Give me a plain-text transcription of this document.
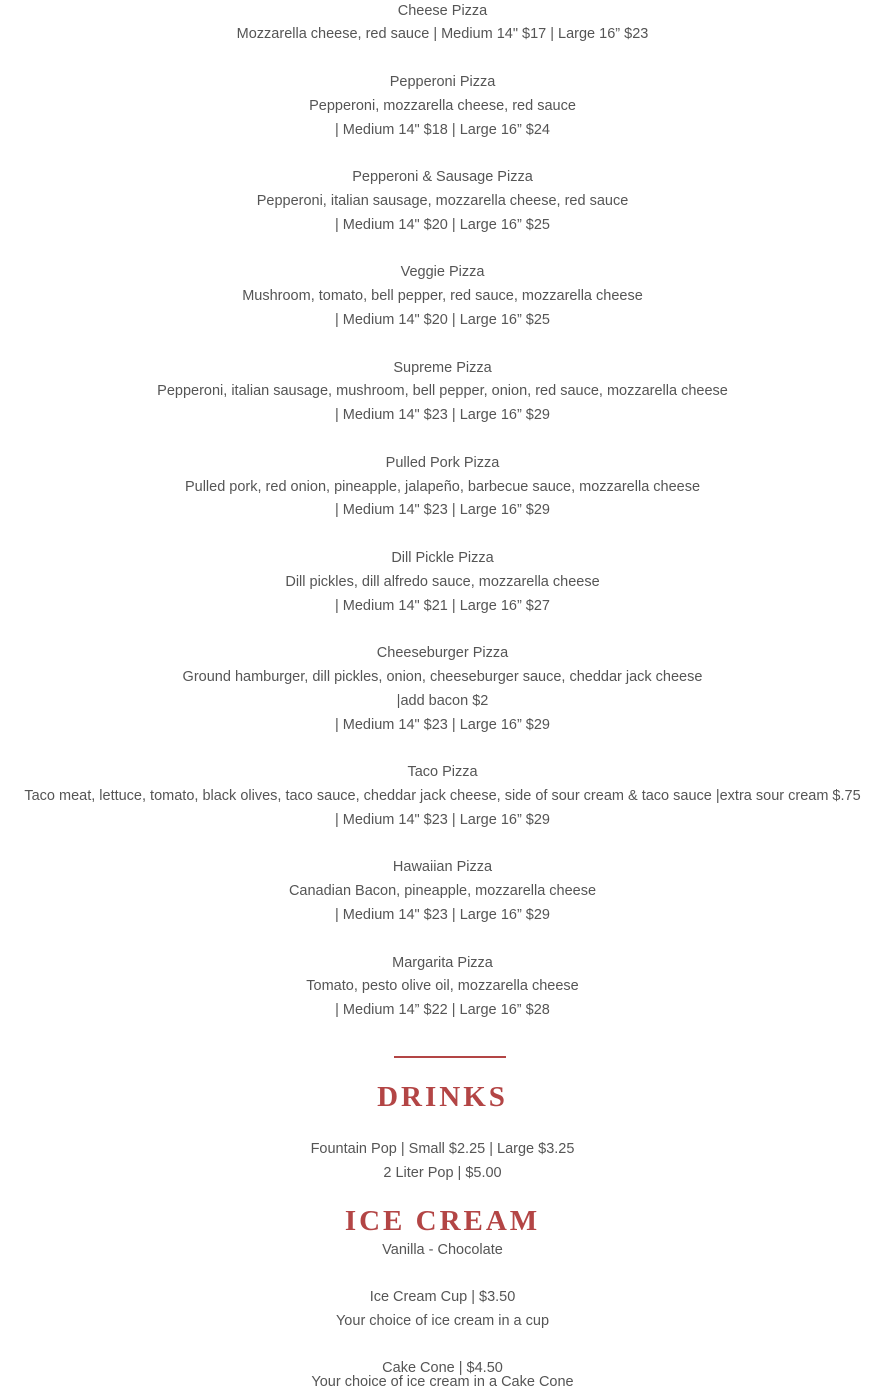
Cheese Pizza
Mozzarella cheese, red sauce | Medium 14" $17 | Large 16” $23
Pepperoni Pizza
Pepperoni, mozzarella cheese, red sauce
| Medium 14" $18 | Large 16” $24
Pepperoni & Sausage Pizza
Pepperoni, italian sausage, mozzarella cheese, red sauce
| Medium 14" $20 | Large 16” $25
Veggie Pizza
Mushroom, tomato, bell pepper, red sauce, mozzarella cheese
| Medium 14" $20 | Large 16” $25
Supreme Pizza
Pepperoni, italian sausage, mushroom, bell pepper, onion, red sauce, mozzarella cheese
| Medium 14" $23 | Large 16” $29
Pulled Pork Pizza
Pulled pork, red onion, pineapple, jalapeño, barbecue sauce, mozzarella cheese
| Medium 14" $23 | Large 16” $29
Dill Pickle Pizza
Dill pickles, dill alfredo sauce, mozzarella cheese
| Medium 14" $21 | Large 16” $27
Cheeseburger Pizza
Ground hamburger, dill pickles, onion, cheeseburger sauce, cheddar jack cheese
|add bacon $2
| Medium 14" $23 | Large 16” $29
Taco Pizza
Taco meat, lettuce, tomato, black olives, taco sauce, cheddar jack cheese, side of sour cream & taco sauce |extra sour cream $.75
| Medium 14" $23 | Large 16” $29
Hawaiian Pizza
Canadian Bacon, pineapple, mozzarella cheese
| Medium 14" $23 | Large 16” $29
Margarita Pizza
Tomato, pesto olive oil, mozzarella cheese
| Medium 14” $22 | Large 16” $28
DRINKS
Fountain Pop | Small $2.25 | Large $3.25
2 Liter Pop | $5.00
ICE CREAM
Vanilla - Chocolate
Ice Cream Cup | $3.50
Your choice of ice cream in a cup
Cake Cone | $4.50
Your choice of ice cream in a Cake Cone
